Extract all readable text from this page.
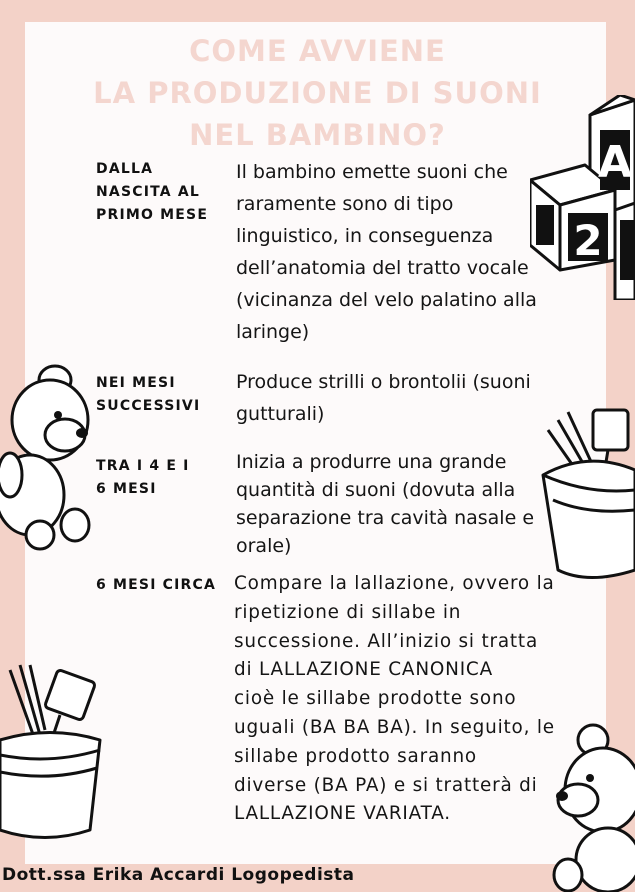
COME AVVIENE
LA PRODUZIONE DI SUONI
NEL BAMBINO?
DALLA
NASCITA AL
PRIMO MESE
Il bambino emette suoni che
raramente sono di tipo
linguistico, in conseguenza
dell’anatomia del tratto vocale
(vicinanza del velo palatino alla
laringe)
NEI MESI
SUCCESSIVI
Produce strilli o brontolii (suoni
gutturali)
TRA I 4 E I
6 MESI
Inizia a produrre una grande
quantità di suoni (dovuta alla
separazione tra cavità nasale e
orale)
6 MESI CIRCA Compare la lallazione, ovvero la
ripetizione di sillabe in
successione. All’inizio si tratta
di LALLAZIONE CANONICA
cioè le sillabe prodotte sono
uguali (BA BA BA). In seguito, le
sillabe prodotto saranno
diverse (BA PA) e si tratterà di
LALLAZIONE VARIATA.
Dott.ssa Erika Accardi Logopedista
A
2
